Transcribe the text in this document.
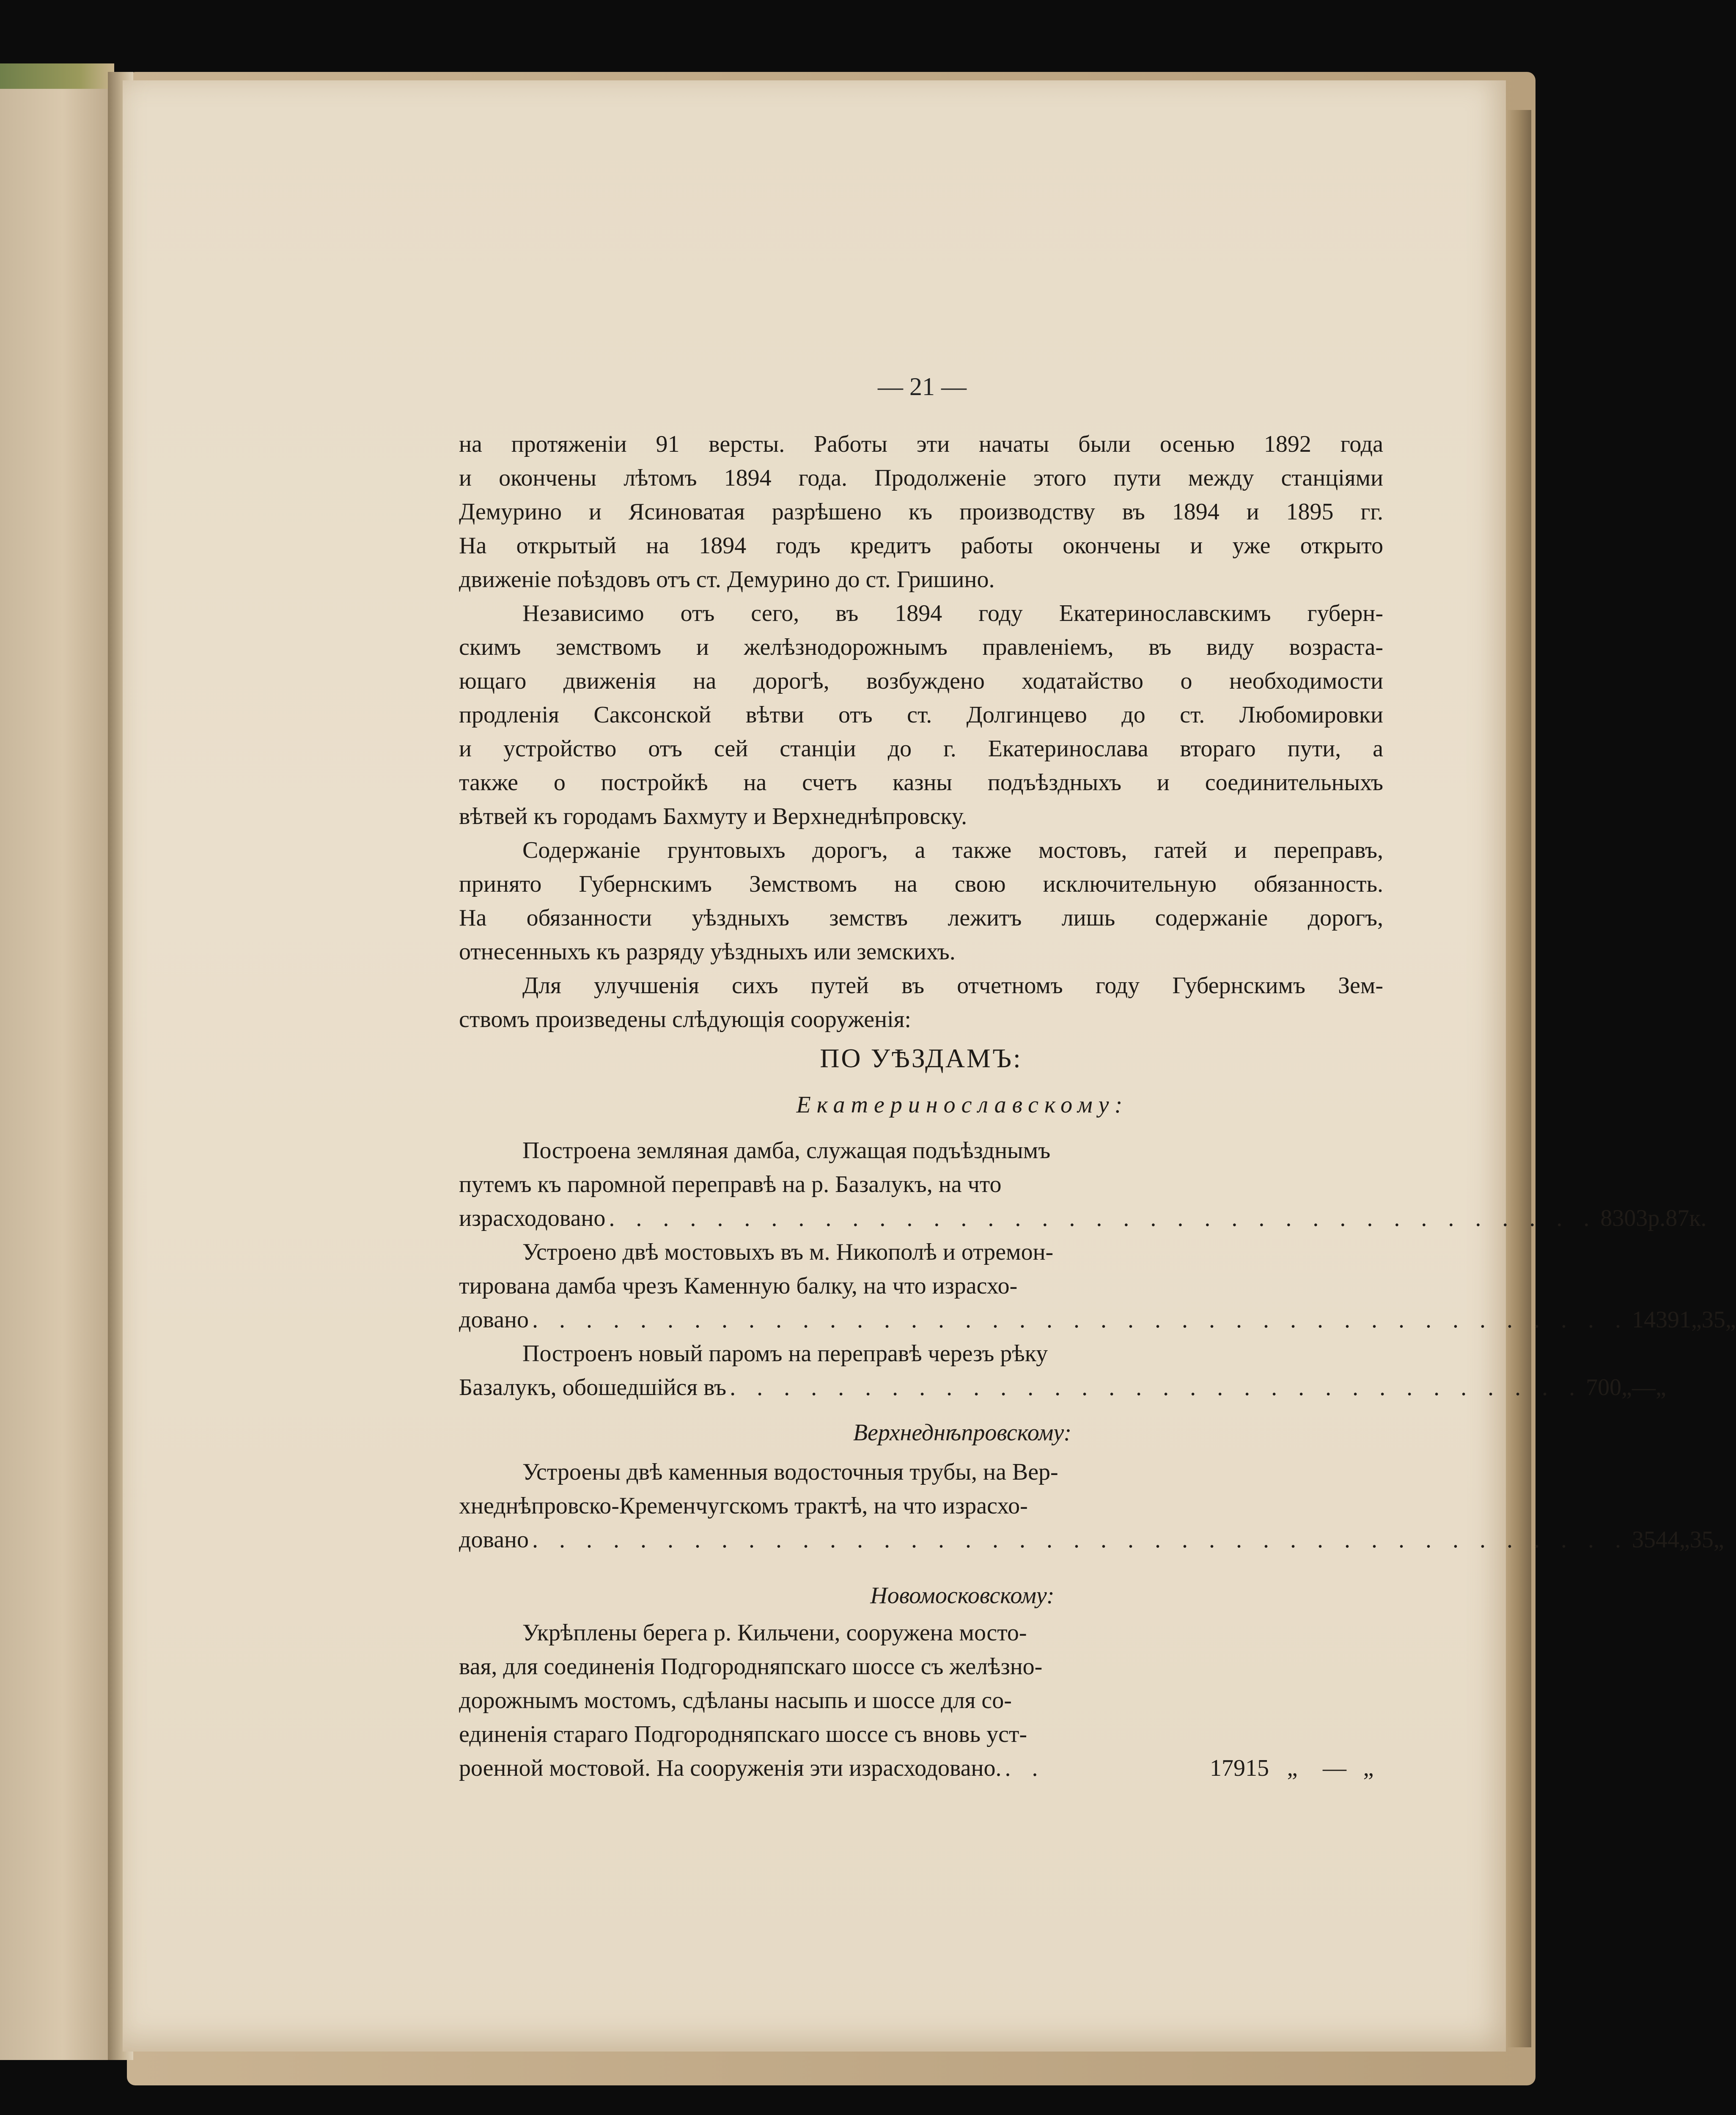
— 21 —

на протяженіи 91 версты. Работы эти начаты были осенью 1892 года
и окончены лѣтомъ 1894 года. Продолженіе этого пути между станціями
Демурино и Ясиноватая разрѣшено къ производству въ 1894 и 1895 гг.
На открытый на 1894 годъ кредитъ работы окончены и уже открыто
движеніе поѣздовъ отъ ст. Демурино до ст. Гришино.

Независимо отъ сего, въ 1894 году Екатеринославскимъ губерн-
скимъ земствомъ и желѣзнодорожнымъ правленіемъ, въ виду возраста-
ющаго движенія на дорогѣ, возбуждено ходатайство о необходимости
продленія Саксонской вѣтви отъ ст. Долгинцево до ст. Любомировки
и устройство отъ сей станціи до г. Екатеринослава втораго пути, а
также о постройкѣ на счетъ казны подъѣздныхъ и соединительныхъ
вѣтвей къ городамъ Бахмуту и Верхнеднѣпровску.

Содержаніе грунтовыхъ дорогъ, а также мостовъ, гатей и переправъ,
принято Губернскимъ Земствомъ на свою исключительную обязанность.
На обязанности уѣздныхъ земствъ лежитъ лишь содержаніе дорогъ,
отнесенныхъ къ разряду уѣздныхъ или земскихъ.

Для улучшенія сихъ путей въ отчетномъ году Губернскимъ Зем-
ствомъ произведены слѣдующія сооруженія:

ПО УѢЗДАМЪ:
Екатеринославскому:
Построена земляная дамба, служащая подъѣзднымъ
путемъ къ паромной переправѣ на р. Базалукъ, на что
израсходовано . . . . . . . . . . . . . . . . . . . . . . . . . . . . . . . . . . . . . 8303 р. 87 к.
Устроено двѣ мостовыхъ въ м. Никополѣ и отремон-
тирована дамба чрезъ Каменную балку, на что израсхо-
довано . . . . . . . . . . . . . . . . . . . . . . . . . . . . . . . . . . . . . . . . . 14391 „ 35 „
Построенъ новый паромъ на переправѣ черезъ рѣку
Базалукъ, обошедшійся въ . . . . . . . . . . . . . . . . . . . . . . . . . . . . . . . . 700 „ — „
Верхнеднѣпровскому:
Устроены двѣ каменныя водосточныя трубы, на Вер-
хнеднѣпровско-Кременчугскомъ трактѣ, на что израсхо-
довано . . . . . . . . . . . . . . . . . . . . . . . . . . . . . . . . . . . . . . . . . 3544 „ 35 „
Новомосковскому:
Укрѣплены берега р. Кильчени, сооружена мосто-
вая, для соединенія Подгородняпскаго шоссе съ желѣзно-
дорожнымъ мостомъ, сдѣланы насыпь и шоссе для со-
единенія стараго Подгородняпскаго шоссе съ вновь уст-
роенной мостовой. На сооруженія эти израсходовано. . .	17915 „	— „
